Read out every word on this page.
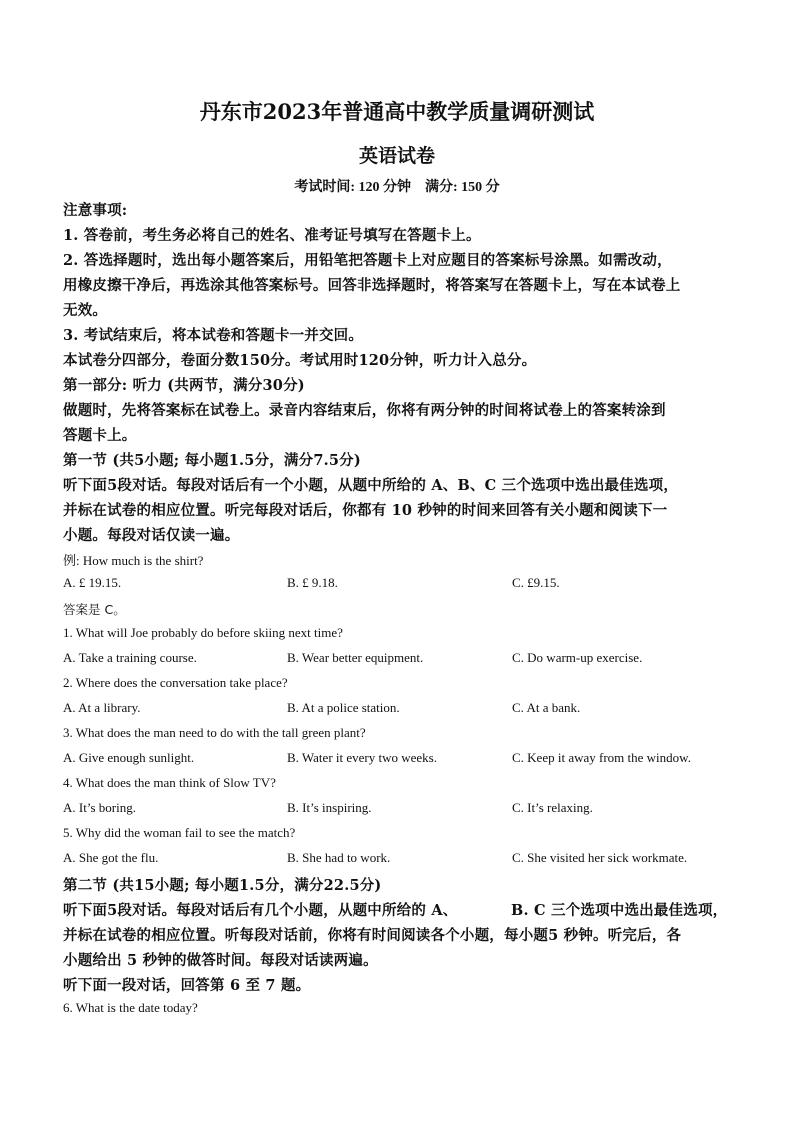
丹东市2023年普通高中教学质量调研测试
英语试卷
考试时间: 120 分钟 满分: 150 分
注意事项:
1. 答卷前，考生务必将自己的姓名、准考证号填写在答题卡上。
2. 答选择题时，选出每小题答案后，用铅笔把答题卡上对应题目的答案标号涂黑。如需改动，
用橡皮擦干净后，再选涂其他答案标号。回答非选择题时，将答案写在答题卡上，写在本试卷上
无效。
3. 考试结束后，将本试卷和答题卡一并交回。
本试卷分四部分，卷面分数150分。考试用时120分钟，听力计入总分。
第一部分: 听力 (共两节，满分30分)
做题时，先将答案标在试卷上。录音内容结束后，你将有两分钟的时间将试卷上的答案转涂到
答题卡上。
第一节 (共5小题; 每小题1.5分，满分7.5分)
听下面5段对话。每段对话后有一个小题，从题中所给的 A、B、C 三个选项中选出最佳选项，
并标在试卷的相应位置。听完每段对话后，你都有 10 秒钟的时间来回答有关小题和阅读下一
小题。每段对话仅读一遍。
例: How much is the shirt?
A. £ 19.15.	B. £ 9.18.	C. £9.15.
答案是 C。
1. What will Joe probably do before skiing next time?
A. Take a training course.	B. Wear better equipment.	C. Do warm-up exercise.
2. Where does the conversation take place?
A. At a library.	B. At a police station.	C. At a bank.
3. What does the man need to do with the tall green plant?
A. Give enough sunlight.	B. Water it every two weeks.	C. Keep it away from the window.
4. What does the man think of Slow TV?
A. It’s boring.	B. It’s inspiring.	C. It’s relaxing.
5. Why did the woman fail to see the match?
A. She got the flu.	B. She had to work.	C. She visited her sick workmate.
第二节 (共15小题; 每小题1.5分，满分22.5分)
听下面5段对话。每段对话后有几个小题，从题中所给的 A、	B. C 三个选项中选出最佳选项，
并标在试卷的相应位置。听每段对话前，你将有时间阅读各个小题，每小题5 秒钟。听完后，各
小题给出 5 秒钟的做答时间。每段对话读两遍。
听下面一段对话，回答第 6 至 7 题。
6. What is the date today?
